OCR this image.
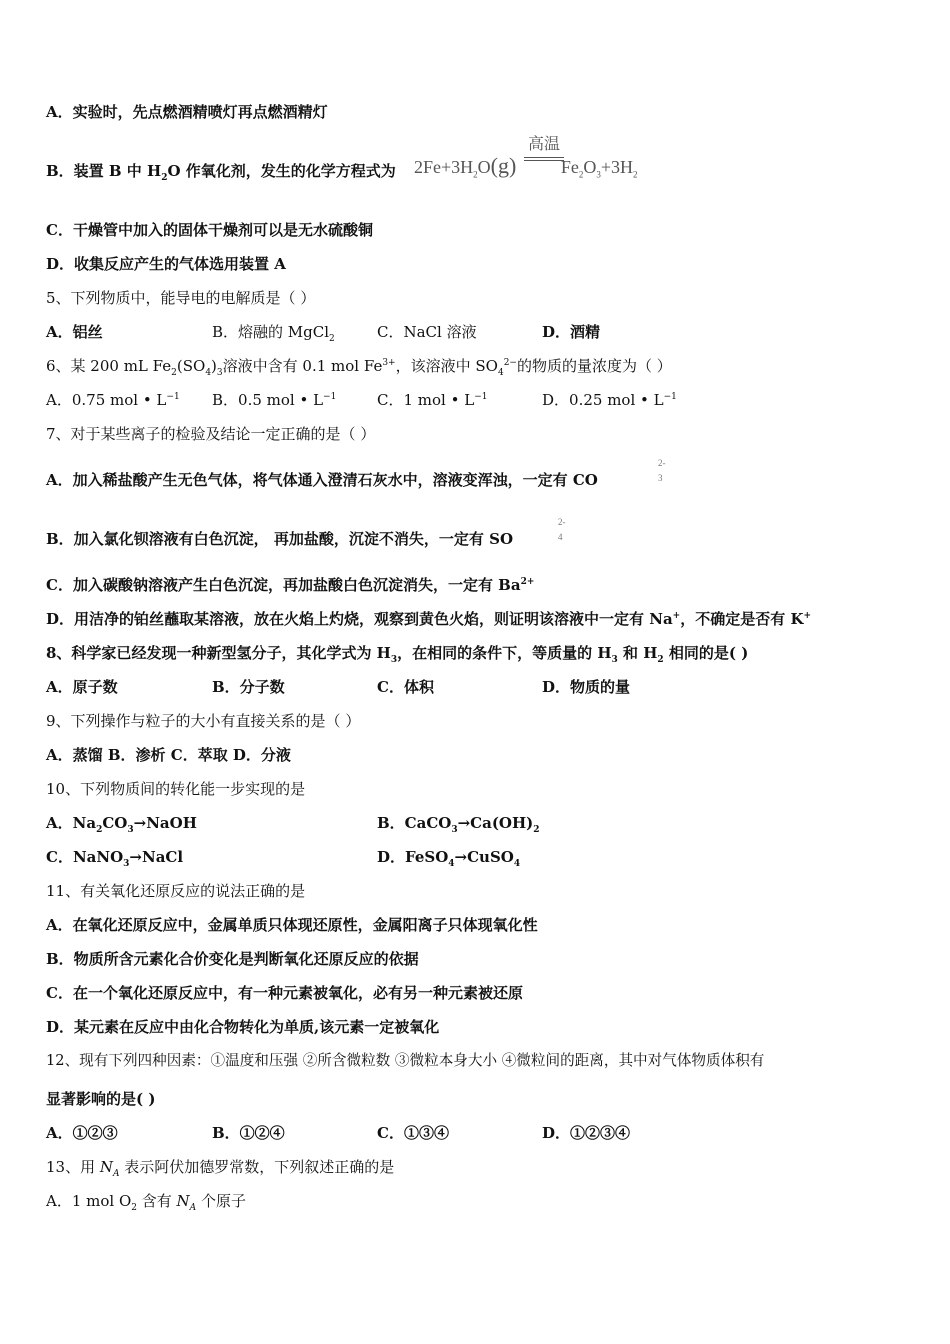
A．实验时，先点燃酒精喷灯再点燃酒精灯
B．装置 B 中 $H_2O$ 作氧化剂，发生的化学方程式为 $2Fe+3H_2O(g)$
高温
$Fe_2O_3+3H_2$
C．干燥管中加入的固体干燥剂可以是无水硫酸铜
D．收集反应产生的气体选用装置 A
5、下列物质中，能导电的电解质是（ ）
A．铝丝	B．熔融的 MgCl$_2$	C．NaCl 溶液	D．酒精
6、某 200 mL $Fe_2(SO_4)_3$溶液中含有 0.1 mol $Fe^{3+}$，该溶液中 $SO_4^{2-}$的物质的量浓度为（ ）
A．0.75 mol • $L^{-1}$ B．0.5 mol • $L^{-1}$	C．1 mol • $L^{-1}$	D．0.25 mol • $L^{-1}$
7、对于某些离子的检验及结论一定正确的是（ ）
A．加入稀盐酸产生无色气体，将气体通入澄清石灰水中，溶液变浑浊，一定有 CO
2-
3
B．加入氯化钡溶液有白色沉淀， 再加盐酸，沉淀不消失，一定有 SO
2-
4
C．加入碳酸钠溶液产生白色沉淀，再加盐酸白色沉淀消失，一定有 $Ba^{2+}$
D．用洁净的铂丝蘸取某溶液，放在火焰上灼烧，观察到黄色火焰，则证明该溶液中一定有 Na+，不确定是否有 K+
8、科学家已经发现一种新型氢分子，其化学式为 $H_3$，在相同的条件下，等质量的 $H_3$ 和 $H_2$ 相同的是( )
A．原子数	B．分子数	C．体积	D．物质的量
9、下列操作与粒子的大小有直接关系的是（ ）
A．蒸馏 B．渗析 C．萃取 D．分液
10、下列物质间的转化能一步实现的是
A．$Na_2CO_3\to NaOH$	B．$CaCO_3\to Ca(OH)_2$
C．NaNO$_3$→NaCl	D．FeSO$_4$→CuSO$_4$
11、有关氧化还原反应的说法正确的是
A．在氧化还原反应中，金属单质只体现还原性，金属阳离子只体现氧化性
B．物质所含元素化合价变化是判断氧化还原反应的依据
C．在一个氧化还原反应中，有一种元素被氧化，必有另一种元素被还原
D．某元素在反应中由化合物转化为单质,该元素一定被氧化
12、现有下列四种因素：①温度和压强 ②所含微粒数 ③微粒本身大小 ④微粒间的距离，其中对气体物质体积有
显著影响的是( )
A．①②③	B．①②④	C．①③④	D．①②③④
13、用 $N_A$ 表示阿伏加德罗常数，下列叙述正确的是
A．1 mol $O_2$ 含有 $N_A$ 个原子
